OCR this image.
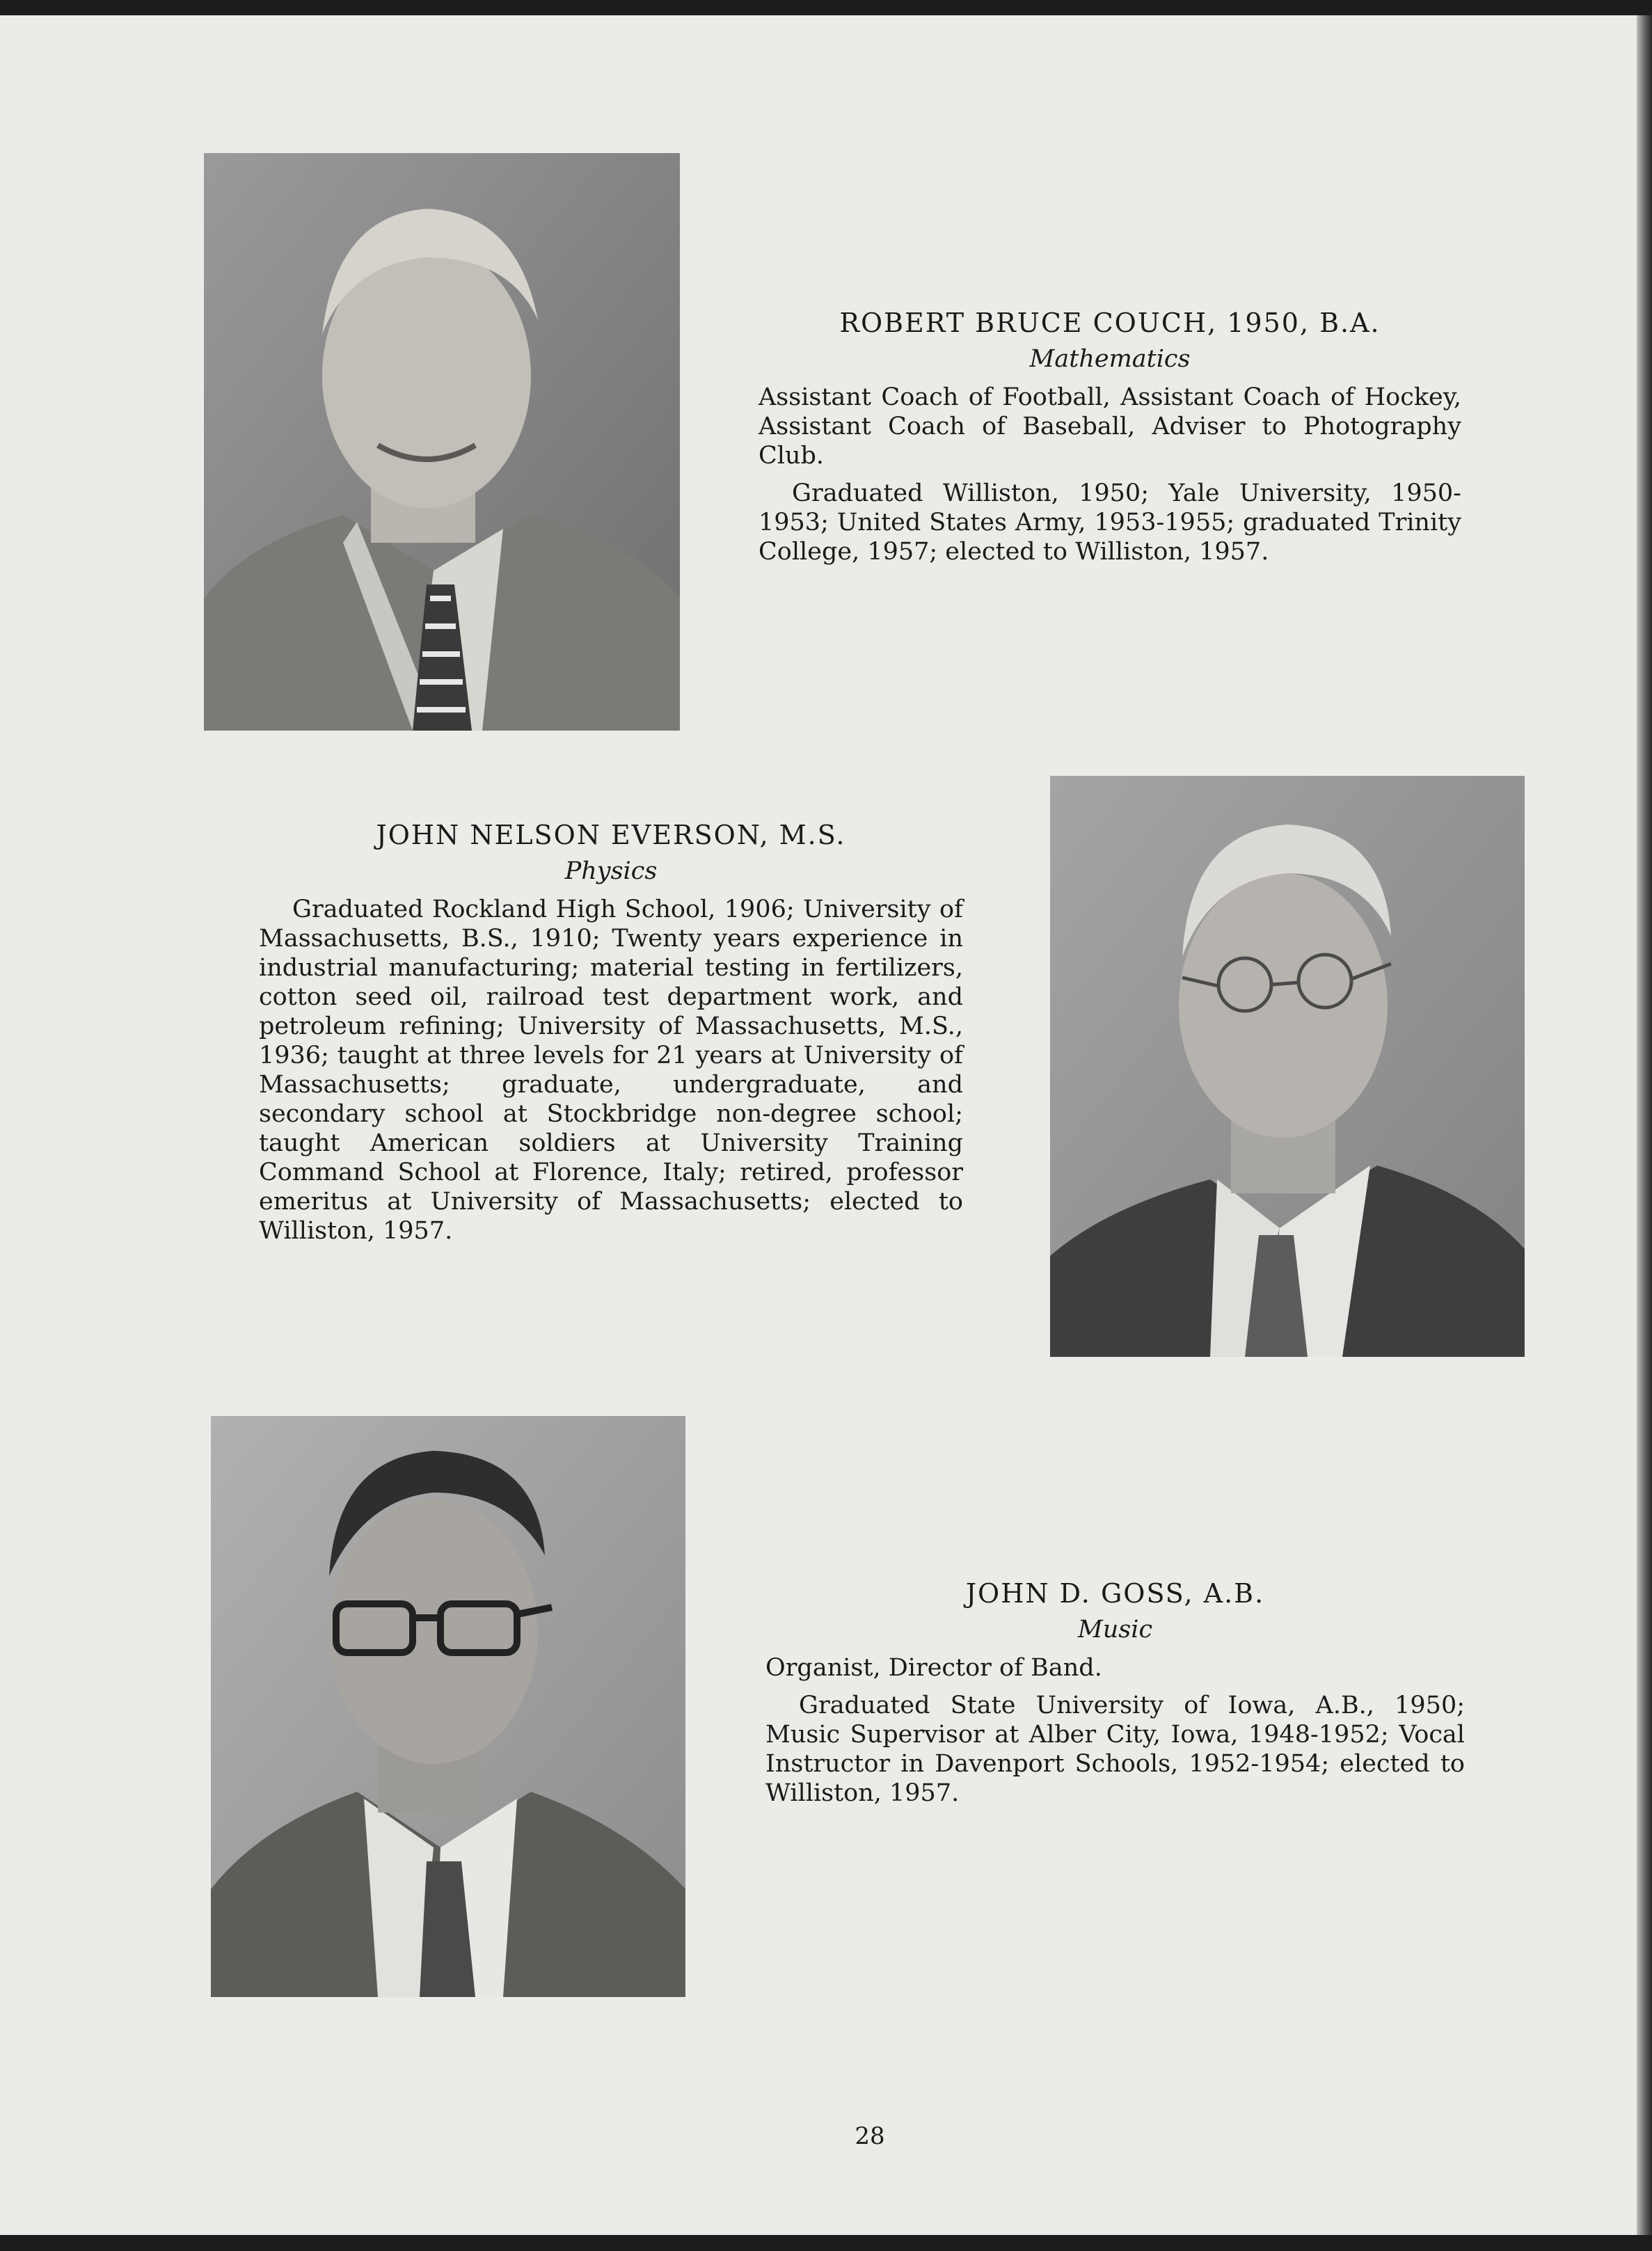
ROBERT BRUCE COUCH, 1950, B.A.

Mathematics

Assistant Coach of Football, Assistant Coach of Hockey, Assistant Coach of Baseball, Adviser to Photography Club.

Graduated Williston, 1950; Yale University, 1950-1953; United States Army, 1953-1955; graduated Trinity College, 1957; elected to Williston, 1957.

JOHN NELSON EVERSON, M.S.

Physics

Graduated Rockland High School, 1906; University of Massachusetts, B.S., 1910; Twenty years experience in industrial manufacturing; material testing in fertilizers, cotton seed oil, railroad test department work, and petroleum refining; University of Massachusetts, M.S., 1936; taught at three levels for 21 years at University of Massachusetts; graduate, undergraduate, and secondary school at Stockbridge non-degree school; taught American soldiers at University Training Command School at Florence, Italy; retired, professor emeritus at University of Massachusetts; elected to Williston, 1957.

JOHN D. GOSS, A.B.

Music

Organist, Director of Band.

Graduated State University of Iowa, A.B., 1950; Music Supervisor at Alber City, Iowa, 1948-1952; Vocal Instructor in Davenport Schools, 1952-1954; elected to Williston, 1957.

28
